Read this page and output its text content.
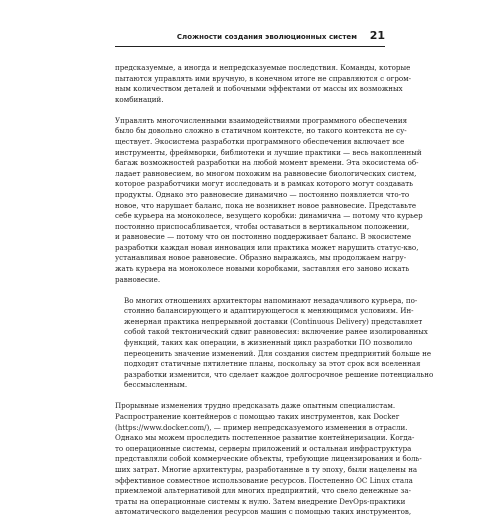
Сложности создания эволюционных систем 21
предсказуемые, а иногда и непредсказуемые последствия. Команды, которые
пытаются управлять ими вручную, в конечном итоге не справляются с огром-
ным количеством деталей и побочными эффектами от массы их возможных
комбинаций.
Управлять многочисленными взаимодействиями программного обеспечения
было бы довольно сложно в статичном контексте, но такого контекста не су-
ществует. Экосистема разработки программного обеспечения включает все
инструменты, фреймворки, библиотеки и лучшие практики — весь накопленный
багаж возможностей разработки на любой момент времени. Эта экосистема об-
ладает равновесием, во многом похожим на равновесие биологических систем,
которое разработчики могут исследовать и в рамках которого могут создавать
продукты. Однако это равновесие динамично — постоянно появляется что-то
новое, что нарушает баланс, пока не возникнет новое равновесие. Представьте
себе курьера на моноколесе, везущего коробки: динамична — потому что курьер
постоянно приспосабливается, чтобы оставаться в вертикальном положении,
и равновесие — потому что он постоянно поддерживает баланс. В экосистеме
разработки каждая новая инновация или практика может нарушить статус-кво,
устанавливая новое равновесие. Образно выражаясь, мы продолжаем нагру-
жать курьера на моноколесе новыми коробками, заставляя его заново искать
равновесие.
Во многих отношениях архитекторы напоминают незадачливого курьера, по-
стоянно балансирующего и адаптирующегося к меняющимся условиям. Ин-
женерная практика непрерывной доставки (Continuous Delivery) представляет
собой такой тектонический сдвиг равновесия: включение ранее изолированных
функций, таких как операции, в жизненный цикл разработки ПО позволило
переоценить значение изменений. Для создания систем предприятий больше не
подходят статичные пятилетние планы, поскольку за этот срок вся вселенная
разработки изменится, что сделает каждое долгосрочное решение потенциально
бессмысленным.
Прорывные изменения трудно предсказать даже опытным специалистам.
Распространение контейнеров с помощью таких инструментов, как Docker
(https://www.docker.com/), — пример непредсказуемого изменения в отрасли.
Однако мы можем проследить постепенное развитие контейнеризации. Когда-
то операционные системы, серверы приложений и остальная инфраструктура
представляли собой коммерческие объекты, требующие лицензирования и боль-
ших затрат. Многие архитектуры, разработанные в ту эпоху, были нацелены на
эффективное совместное использование ресурсов. Постепенно ОС Linux стала
приемлемой альтернативой для многих предприятий, что свело денежные за-
траты на операционные системы к нулю. Затем внедрение DevOps-практики
автоматического выделения ресурсов машин с помощью таких инструментов,
